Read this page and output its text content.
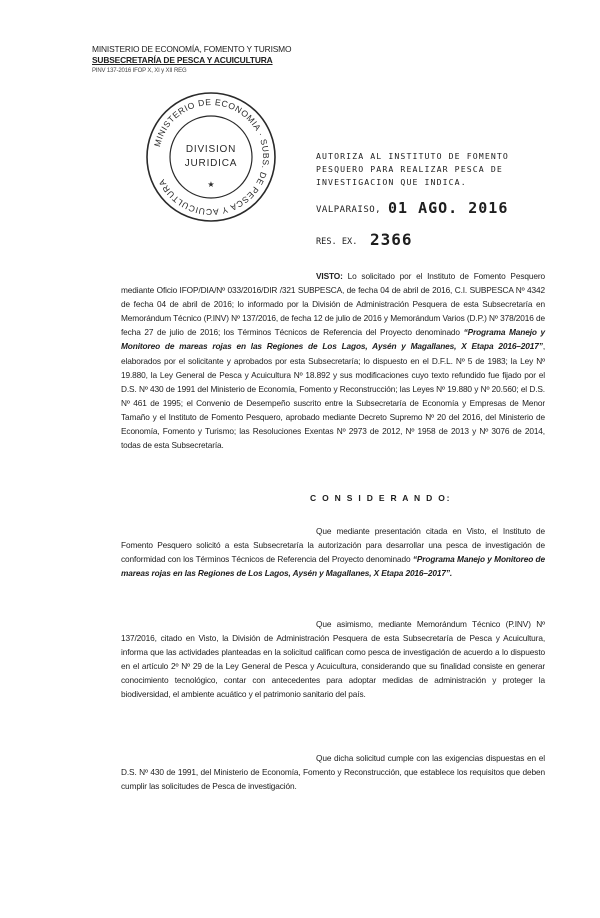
MINISTERIO DE ECONOMÍA, FOMENTO Y TURISMO
SUBSECRETARÍA DE PESCA Y ACUICULTURA
PINV 137-2016 IFOP X, XI y XII REG
MINISTERIO DE ECONOMIA · SUBS. DE PESCA Y ACUICULTURA
DIVISION
JURIDICA
★
AUTORIZA AL INSTITUTO DE FOMENTO PESQUERO PARA REALIZAR PESCA DE INVESTIGACION QUE INDICA.
VALPARAISO, 01 AGO. 2016
RES. EX. 2366
VISTO: Lo solicitado por el Instituto de Fomento Pesquero mediante Oficio IFOP/DIA/Nº 033/2016/DIR /321 SUBPESCA, de fecha 04 de abril de 2016, C.I. SUBPESCA Nº 4342 de fecha 04 de abril de 2016; lo informado por la División de Administración Pesquera de esta Subsecretaría en Memorándum Técnico (P.INV) Nº 137/2016, de fecha 12 de julio de 2016 y Memorándum Varios (D.P.) Nº 378/2016 de fecha 27 de julio de 2016; los Términos Técnicos de Referencia del Proyecto denominado “Programa Manejo y Monitoreo de mareas rojas en las Regiones de Los Lagos, Aysén y Magallanes, X Etapa 2016–2017”, elaborados por el solicitante y aprobados por esta Subsecretaría; lo dispuesto en el D.F.L. Nº 5 de 1983; la Ley Nº 19.880, la Ley General de Pesca y Acuicultura Nº 18.892 y sus modificaciones cuyo texto refundido fue fijado por el D.S. Nº 430 de 1991 del Ministerio de Economía, Fomento y Reconstrucción; las Leyes Nº 19.880 y Nº 20.560; el D.S. Nº 461 de 1995; el Convenio de Desempeño suscrito entre la Subsecretaría de Economía y Empresas de Menor Tamaño y el Instituto de Fomento Pesquero, aprobado mediante Decreto Supremo Nº 20 del 2016, del Ministerio de Economía, Fomento y Turismo; las Resoluciones Exentas Nº 2973 de 2012, Nº 1958 de 2013 y Nº 3076 de 2014, todas de esta Subsecretaría.
C O N S I D E R A N D O:
Que mediante presentación citada en Visto, el Instituto de Fomento Pesquero solicitó a esta Subsecretaría la autorización para desarrollar una pesca de investigación de conformidad con los Términos Técnicos de Referencia del Proyecto denominado “Programa Manejo y Monitoreo de mareas rojas en las Regiones de Los Lagos, Aysén y Magallanes, X Etapa 2016–2017”.
Que asimismo, mediante Memorándum Técnico (P.INV) Nº 137/2016, citado en Visto, la División de Administración Pesquera de esta Subsecretaría de Pesca y Acuicultura, informa que las actividades planteadas en la solicitud califican como pesca de investigación de acuerdo a lo dispuesto en el artículo 2º Nº 29 de la Ley General de Pesca y Acuicultura, considerando que su finalidad consiste en generar conocimiento tecnológico, contar con antecedentes para adoptar medidas de administración y proteger la biodiversidad, el ambiente acuático y el patrimonio sanitario del país.
Que dicha solicitud cumple con las exigencias dispuestas en el D.S. Nº 430 de 1991, del Ministerio de Economía, Fomento y Reconstrucción, que establece los requisitos que deben cumplir las solicitudes de Pesca de investigación.
